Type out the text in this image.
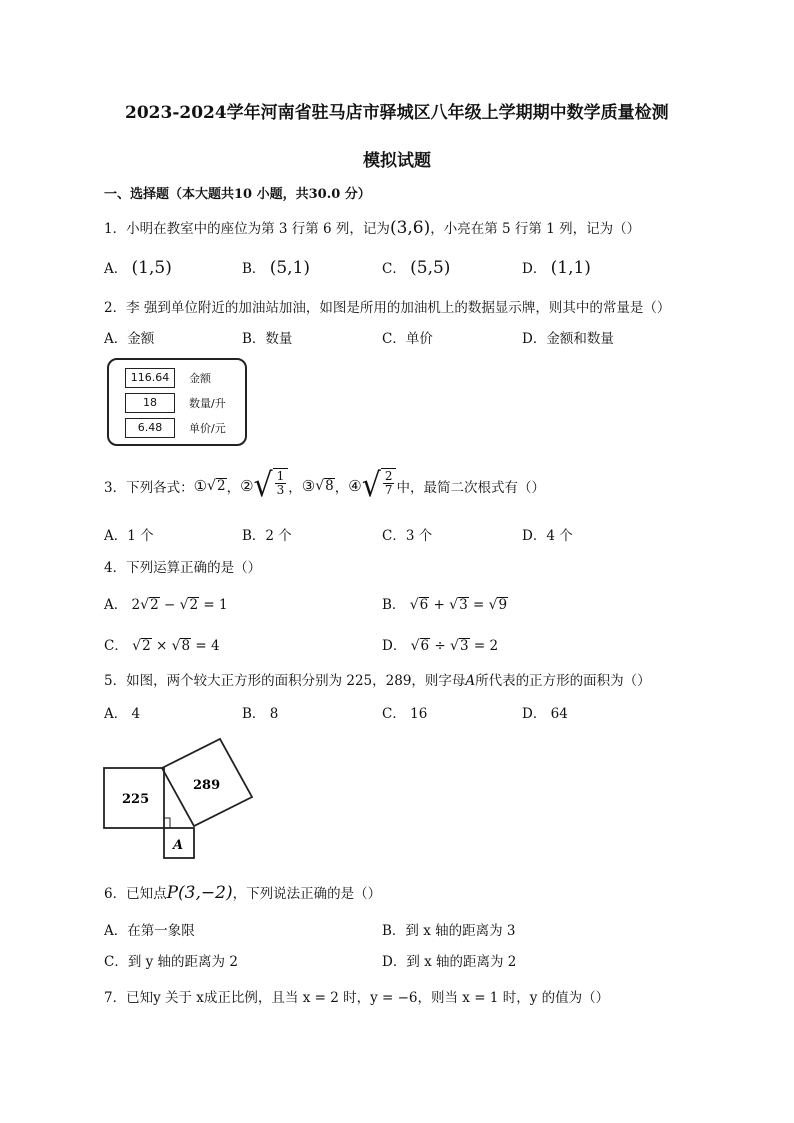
2023-2024学年河南省驻马店市驿城区八年级上学期期中数学质量检测
模拟试题
一、选择题（本大题共10 小题，共30.0 分）
1．小明在教室中的座位为第 3 行第 6 列，记为(3,6)，小亮在第 5 行第 1 列，记为（）
A． (1,5)	B． (5,1)	C． (5,5)	D． (1,1)
2．李 强到单位附近的加油站加油，如图是所用的加油机上的数据显示牌，则其中的常量是（）
A．金额	B．数量	C．单价	D．金额和数量
116.64	金额
18	数量/升
6.48	单价/元
3．下列各式： ① √ 2 ， ② √ $\frac{1}{3}$ ， ③ √ 8 ， ④ √ $\frac{2}{7}$ 中，最简二次根式有（）
A．1 个	B．2 个	C．3 个	D．4 个
4．下列运算正确的是（）
A． 2√2 − √2 = 1	B． √6 + √3 = √9
C． √2 × √8 = 4	D． √6 ÷ √3 = 2
5．如图，两个较大正方形的面积分别为 225，289，则字母A所代表的正方形的面积为（）
A． 4	B． 8	C． 16	D． 64
225
289
A
6．已知点P(3,−2)，下列说法正确的是（）
A．在第一象限	B．到 x 轴的距离为 3
C．到 y 轴的距离为 2	D．到 x 轴的距离为 2
7．已知y 关于 x成正比例，且当 x = 2 时，y = −6，则当 x = 1 时，y 的值为（）
